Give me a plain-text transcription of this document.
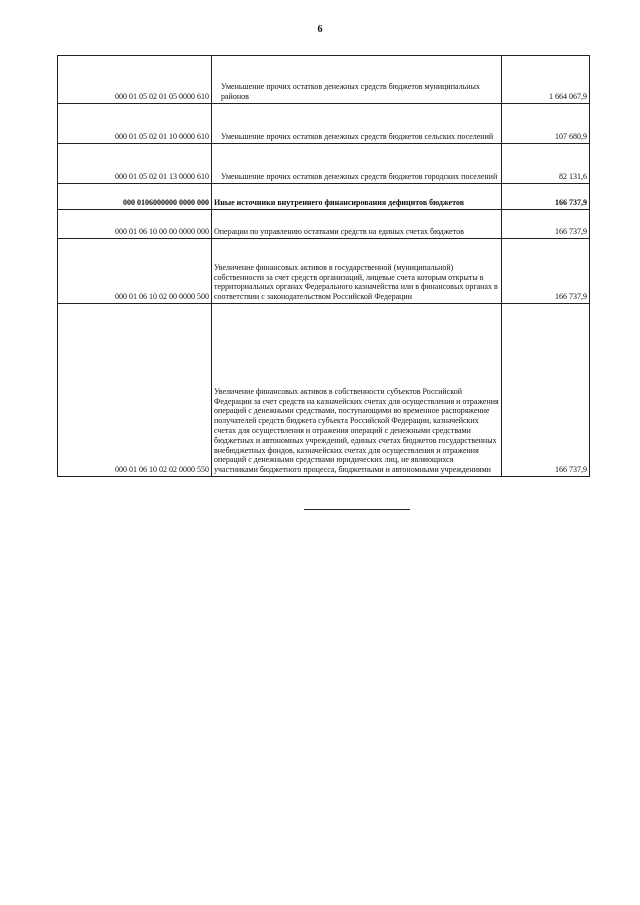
6
000 01 05 02 01 05 0000 610	Уменьшение прочих остатков денежных средств бюджетов муниципальных районов	1 664 067,9
000 01 05 02 01 10 0000 610	Уменьшение прочих остатков денежных средств бюджетов сельских поселений	107 680,9
000 01 05 02 01 13 0000 610	Уменьшение прочих остатков денежных средств бюджетов городских поселений	82 131,6
000 0106000000 0000 000	Иные источники внутреннего финансирования дефицитов бюджетов	166 737,9
000 01 06 10 00 00 0000 000	Операции по управлению остатками средств на единых счетах бюджетов	166 737,9
000 01 06 10 02 00 0000 500	Увеличение финансовых активов в государственной (муниципальной) собственности за счет средств организаций, лицевые счета которым открыты в территориальных органах Федерального казначейства или в финансовых органах в соответствии с законодательством Российской Федерации	166 737,9
000 01 06 10 02 02 0000 550	Увеличение финансовых активов в собственности субъектов Российской Федерации за счет средств на казначейских счетах для осуществления и отражения операций с денежными средствами, поступающими во временное распоряжение получателей средств бюджета субъекта Российской Федерации, казначейских счетах для осуществления и отражения операций с денежными средствами бюджетных и автономных учреждений, единых счетах бюджетов государственных внебюджетных фондов, казначейских счетах для осуществления и отражения операций с денежными средствами юридических лиц, не являющихся участниками бюджетного процесса, бюджетными и автономными учреждениями	166 737,9
